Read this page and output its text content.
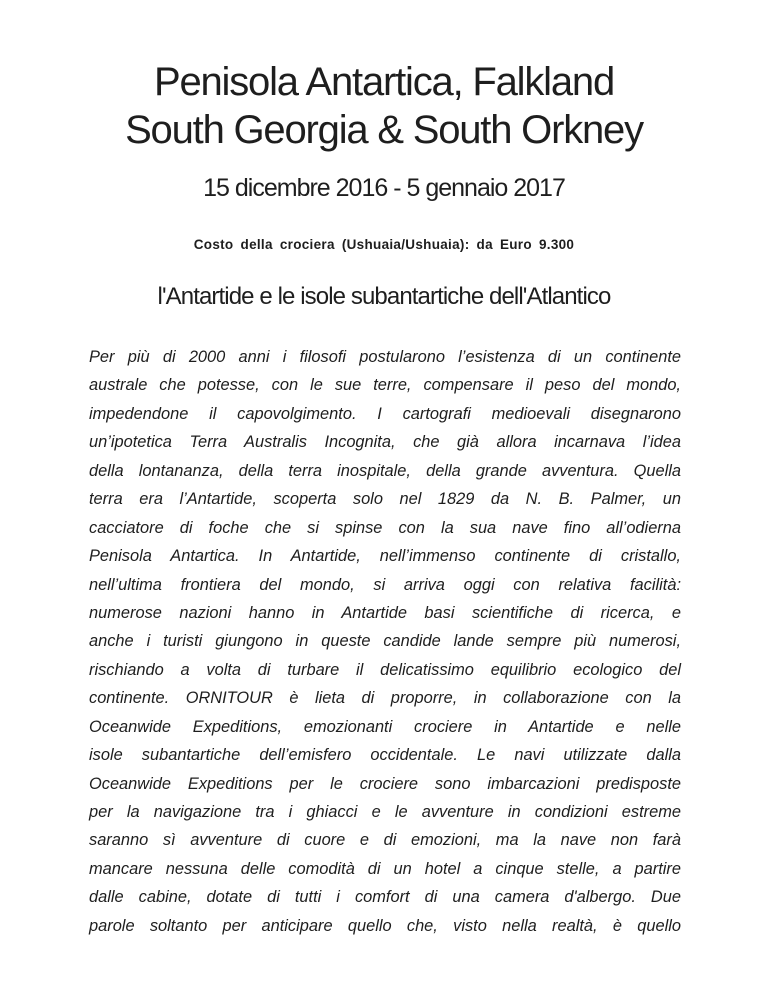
Penisola Antartica, Falkland
South Georgia & South Orkney

15 dicembre 2016 - 5 gennaio 2017

Costo della crociera (Ushuaia/Ushuaia): da Euro 9.300

l'Antartide e le isole subantartiche dell'Atlantico

Per più di 2000 anni i filosofi postularono l’esistenza di un continente
australe che potesse, con le sue terre, compensare il peso del mondo,
impedendone il capovolgimento. I cartografi medioevali disegnarono
un’ipotetica Terra Australis Incognita, che già allora incarnava l’idea
della lontananza, della terra inospitale, della grande avventura. Quella
terra era l’Antartide, scoperta solo nel 1829 da N. B. Palmer, un
cacciatore di foche che si spinse con la sua nave fino all’odierna
Penisola Antartica. In Antartide, nell’immenso continente di cristallo,
nell’ultima frontiera del mondo, si arriva oggi con relativa facilità:
numerose nazioni hanno in Antartide basi scientifiche di ricerca, e
anche i turisti giungono in queste candide lande sempre più numerosi,
rischiando a volta di turbare il delicatissimo equilibrio ecologico del
continente. ORNITOUR è lieta di proporre, in collaborazione con la
Oceanwide Expeditions, emozionanti crociere in Antartide e nelle
isole subantartiche dell’emisfero occidentale. Le navi utilizzate dalla
Oceanwide Expeditions per le crociere sono imbarcazioni predisposte
per la navigazione tra i ghiacci e le avventure in condizioni estreme
saranno sì avventure di cuore e di emozioni, ma la nave non farà
mancare nessuna delle comodità di un hotel a cinque stelle, a partire
dalle cabine, dotate di tutti i comfort di una camera d'albergo. Due
parole soltanto per anticipare quello che, visto nella realtà, è quello
